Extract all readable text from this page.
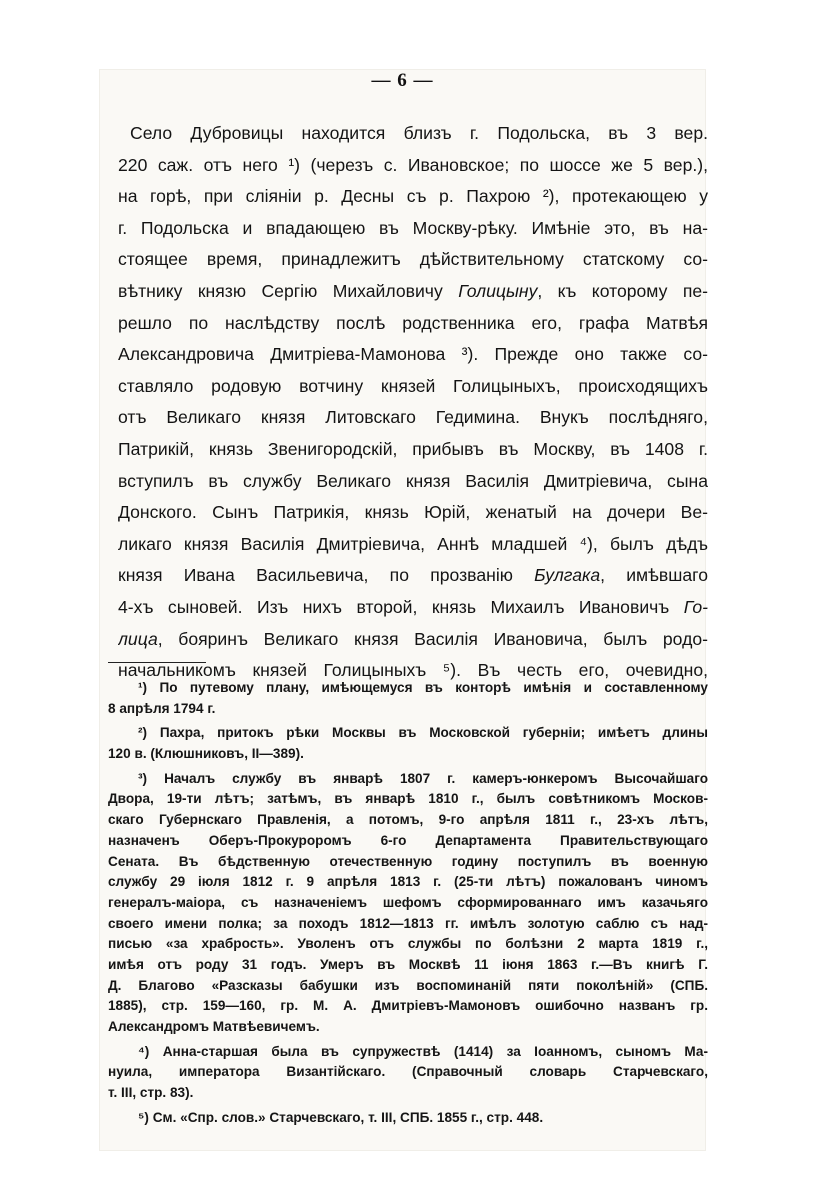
— 6 —
Село Дубровицы находится близъ г. Подольска, въ 3 вер.
220 саж. отъ него ¹) (черезъ с. Ивановское; по шоссе же 5 вер.),
на горѣ, при сліяніи р. Десны съ р. Пахрою ²), протекающею у
г. Подольска и впадающею въ Москву-рѣку. Имѣніе это, въ на-
стоящее время, принадлежитъ дѣйствительному статскому со-
вѣтнику князю Сергію Михайловичу Голицыну, къ которому пе-
решло по наслѣдству послѣ родственника его, графа Матвѣя
Александровича Дмитріева-Мамонова ³). Прежде оно также со-
ставляло родовую вотчину князей Голицыныхъ, происходящихъ
отъ Великаго князя Литовскаго Гедимина. Внукъ послѣдняго,
Патрикій, князь Звенигородскій, прибывъ въ Москву, въ 1408 г.
вступилъ въ службу Великаго князя Василія Дмитріевича, сына
Донского. Сынъ Патрикія, князь Юрій, женатый на дочери Ве-
ликаго князя Василія Дмитріевича, Аннѣ младшей ⁴), былъ дѣдъ
князя Ивана Васильевича, по прозванію Булгака, имѣвшаго
4-хъ сыновей. Изъ нихъ второй, князь Михаилъ Ивановичъ Го-
лица, бояринъ Великаго князя Василія Ивановича, былъ родо-
начальникомъ князей Голицыныхъ ⁵). Въ честь его, очевидно,
¹) По путевому плану, имѣющемуся въ конторѣ имѣнія и составленному
8 апрѣля 1794 г.
²) Пахра, притокъ рѣки Москвы въ Московской губерніи; имѣетъ длины
120 в. (Клюшниковъ, II—389).
³) Началъ службу въ январѣ 1807 г. камеръ-юнкеромъ Высочайшаго
Двора, 19-ти лѣтъ; затѣмъ, въ январѣ 1810 г., былъ совѣтникомъ Москов-
скаго Губернскаго Правленія, а потомъ, 9-го апрѣля 1811 г., 23-хъ лѣтъ,
назначенъ Оберъ-Прокуроромъ 6-го Департамента Правительствующаго
Сената. Въ бѣдственную отечественную годину поступилъ въ военную
службу 29 іюля 1812 г. 9 апрѣля 1813 г. (25-ти лѣтъ) пожалованъ чиномъ
генералъ-маіора, съ назначеніемъ шефомъ сформированнаго имъ казачьяго
своего имени полка; за походъ 1812—1813 гг. имѣлъ золотую саблю съ над-
писью «за храбрость». Уволенъ отъ службы по болѣзни 2 марта 1819 г.,
имѣя отъ роду 31 годъ. Умеръ въ Москвѣ 11 іюня 1863 г.—Въ книгѣ Г.
Д. Благово «Разсказы бабушки изъ воспоминаній пяти поколѣній» (СПБ.
1885), стр. 159—160, гр. М. А. Дмитріевъ-Мамоновъ ошибочно названъ гр.
Александромъ Матвѣевичемъ.
⁴) Анна-старшая была въ супружествѣ (1414) за Іоанномъ, сыномъ Ма-
нуила, императора Византійскаго. (Справочный словарь Старчевскаго,
т. III, стр. 83).
⁵) См. «Спр. слов.» Старчевскаго, т. III, СПБ. 1855 г., стр. 448.
